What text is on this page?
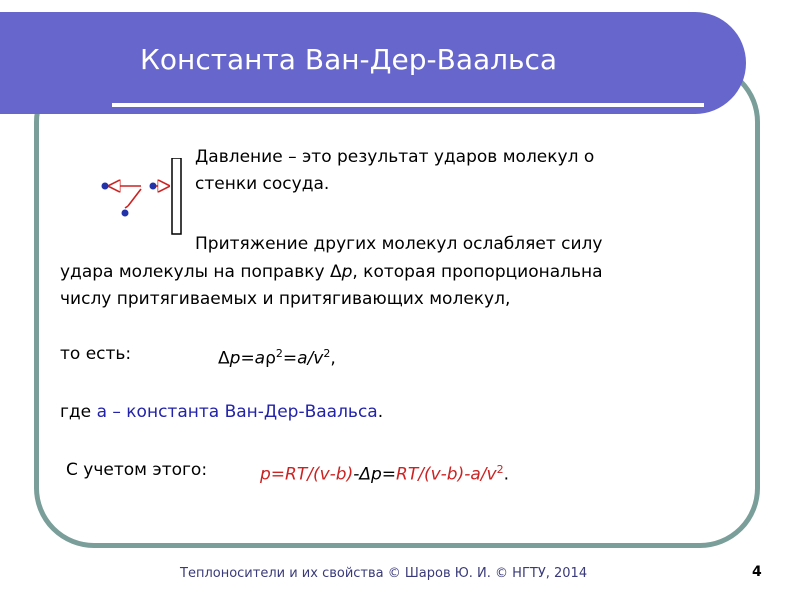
Константа Ван-Дер-Ваальса
Давление – это результат ударов молекул о
стенки сосуда.
Притяжение других молекул ослабляет силу
удара молекулы на поправку Δp, которая пропорциональна
числу притягиваемых и притягивающих молекул,
то есть:	$\Delta p=a\rho^2=a/v^2$,
где a – константа Ван-Дер-Ваальса.
С учетом этого:	$p=RT/(v-b)-\Delta p=RT/(v-b)-a/v^2$.
Теплоносители и их свойства © Шаров Ю. И. © НГТУ, 2014	4
